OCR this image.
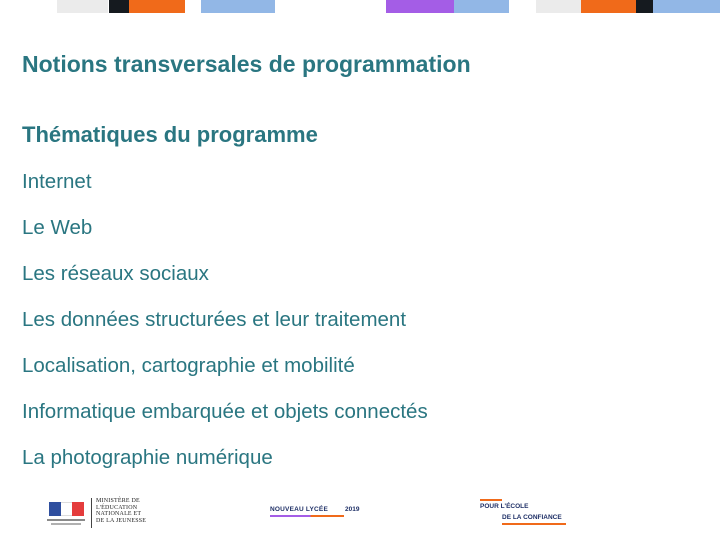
Notions transversales de programmation
Thématiques du programme
Internet
Le Web
Les réseaux sociaux
Les données structurées et leur traitement
Localisation, cartographie et mobilité
Informatique embarquée et objets connectés
La photographie numérique
MINISTÈRE DE L'ÉDUCATION NATIONALE ET DE LA JEUNESSE
NOUVEAU LYCÉE	2019	POUR L'ÉCOLE
DE LA CONFIANCE
